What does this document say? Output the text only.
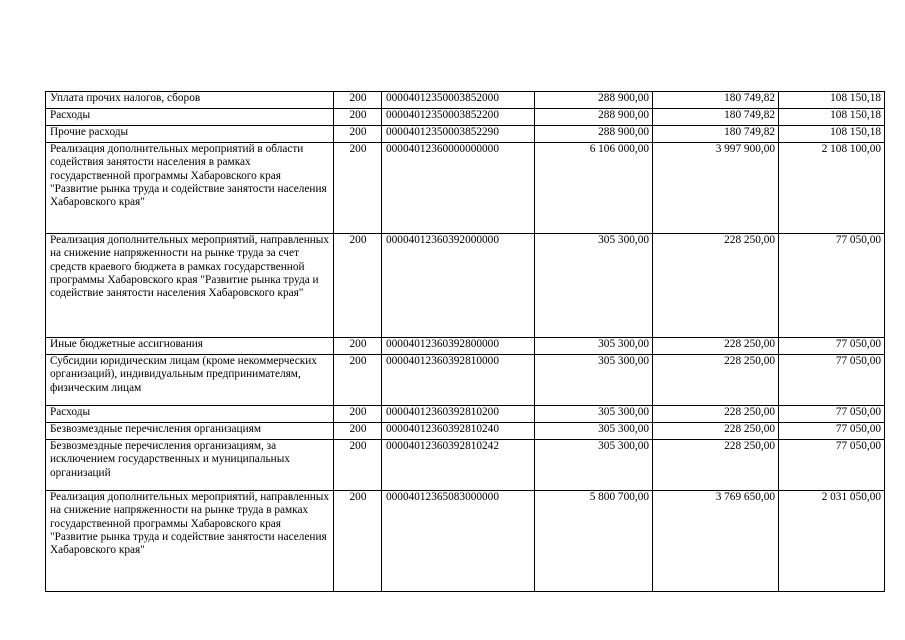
Уплата прочих налогов, сборов	200	00004012350003852000	288 900,00	180 749,82	108 150,18
Расходы	200	00004012350003852200	288 900,00	180 749,82	108 150,18
Прочие расходы	200	00004012350003852290	288 900,00	180 749,82	108 150,18
Реализация дополнительных мероприятий в области содействия занятости населения в рамках государственной программы Хабаровского края "Развитие рынка труда и содействие занятости населения Хабаровского края"	200	00004012360000000000	6 106 000,00	3 997 900,00	2 108 100,00
Реализация дополнительных мероприятий, направленных на снижение напряженности на рынке труда за счет средств краевого бюджета в рамках государственной программы Хабаровского края "Развитие рынка труда и содействие занятости населения Хабаровского края"	200	00004012360392000000	305 300,00	228 250,00	77 050,00
Иные бюджетные ассигнования	200	00004012360392800000	305 300,00	228 250,00	77 050,00
Субсидии юридическим лицам (кроме некоммерческих организаций), индивидуальным предпринимателям, физическим лицам	200	00004012360392810000	305 300,00	228 250,00	77 050,00
Расходы	200	00004012360392810200	305 300,00	228 250,00	77 050,00
Безвозмездные перечисления организациям	200	00004012360392810240	305 300,00	228 250,00	77 050,00
Безвозмездные перечисления организациям, за исключением государственных и муниципальных организаций	200	00004012360392810242	305 300,00	228 250,00	77 050,00
Реализация дополнительных мероприятий, направленных на снижение напряженности на рынке труда в рамках государственной программы Хабаровского края "Развитие рынка труда и содействие занятости населения Хабаровского края"	200	00004012365083000000	5 800 700,00	3 769 650,00	2 031 050,00
